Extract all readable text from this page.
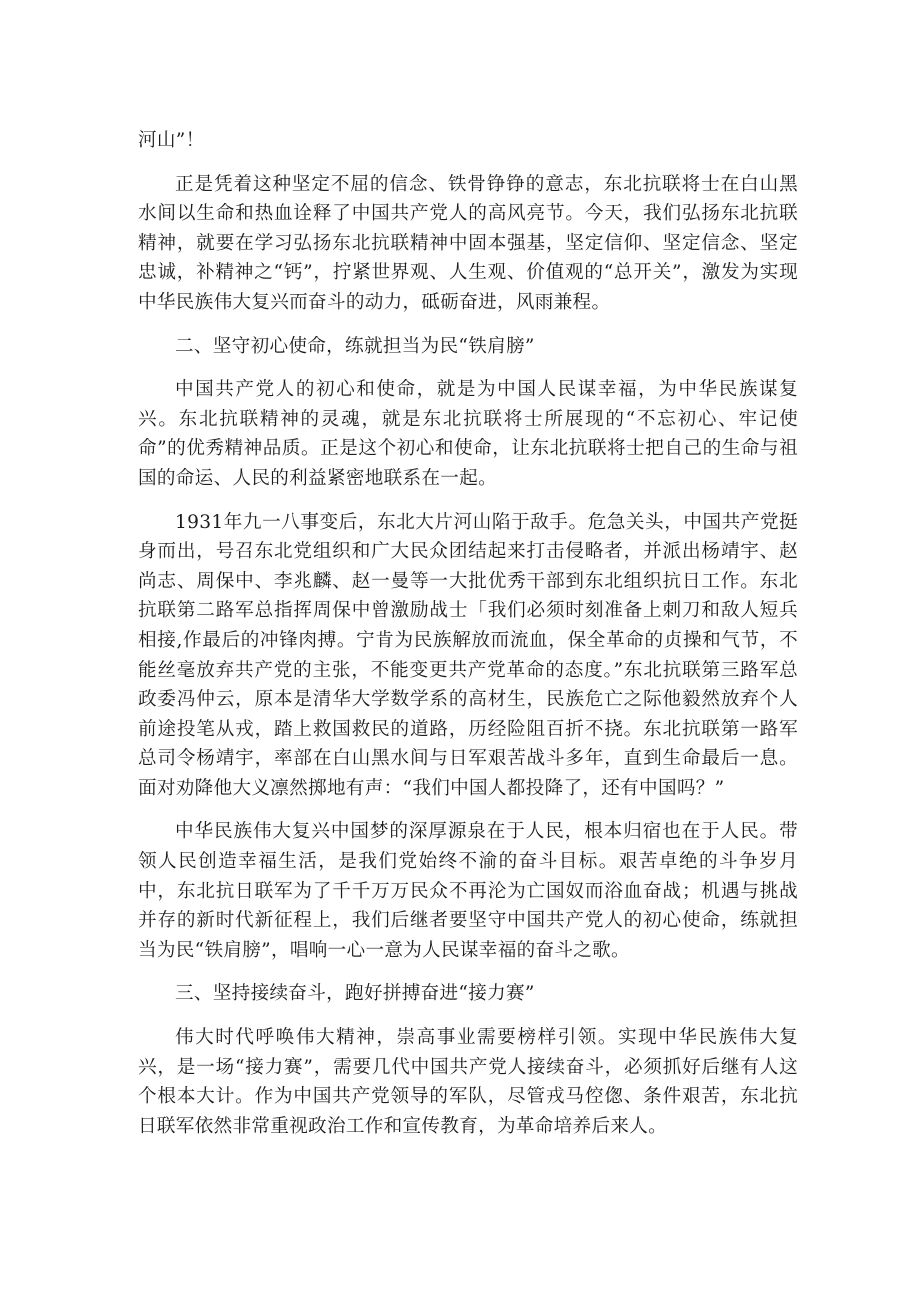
河山”！

正是凭着这种坚定不屈的信念、铁骨铮铮的意志，东北抗联将士在白山黑水间以生命和热血诠释了中国共产党人的高风亮节。今天，我们弘扬东北抗联精神，就要在学习弘扬东北抗联精神中固本强基，坚定信仰、坚定信念、坚定忠诚，补精神之“钙”，拧紧世界观、人生观、价值观的“总开关”，激发为实现中华民族伟大复兴而奋斗的动力，砥砺奋进，风雨兼程。

二、坚守初心使命，练就担当为民“铁肩膀”

中国共产党人的初心和使命，就是为中国人民谋幸福，为中华民族谋复兴。东北抗联精神的灵魂，就是东北抗联将士所展现的“不忘初心、牢记使命”的优秀精神品质。正是这个初心和使命，让东北抗联将士把自己的生命与祖国的命运、人民的利益紧密地联系在一起。

1931年九一八事变后，东北大片河山陷于敌手。危急关头，中国共产党挺身而出，号召东北党组织和广大民众团结起来打击侵略者，并派出杨靖宇、赵尚志、周保中、李兆麟、赵一曼等一大批优秀干部到东北组织抗日工作。东北抗联第二路军总指挥周保中曾激励战士「我们必须时刻准备上刺刀和敌人短兵相接,作最后的冲锋肉搏。宁肯为民族解放而流血，保全革命的贞操和气节，不能丝毫放弃共产党的主张，不能变更共产党革命的态度。”东北抗联第三路军总政委冯仲云，原本是清华大学数学系的高材生，民族危亡之际他毅然放弃个人前途投笔从戎，踏上救国救民的道路，历经险阻百折不挠。东北抗联第一路军总司令杨靖宇，率部在白山黑水间与日军艰苦战斗多年，直到生命最后一息。面对劝降他大义凛然掷地有声：“我们中国人都投降了，还有中国吗？”

中华民族伟大复兴中国梦的深厚源泉在于人民，根本归宿也在于人民。带领人民创造幸福生活，是我们党始终不渝的奋斗目标。艰苦卓绝的斗争岁月中，东北抗日联军为了千千万万民众不再沦为亡国奴而浴血奋战；机遇与挑战并存的新时代新征程上，我们后继者要坚守中国共产党人的初心使命，练就担当为民“铁肩膀”，唱响一心一意为人民谋幸福的奋斗之歌。

三、坚持接续奋斗，跑好拼搏奋进“接力赛”

伟大时代呼唤伟大精神，崇高事业需要榜样引领。实现中华民族伟大复兴，是一场“接力赛”，需要几代中国共产党人接续奋斗，必须抓好后继有人这个根本大计。作为中国共产党领导的军队，尽管戎马倥偬、条件艰苦，东北抗日联军依然非常重视政治工作和宣传教育，为革命培养后来人。
